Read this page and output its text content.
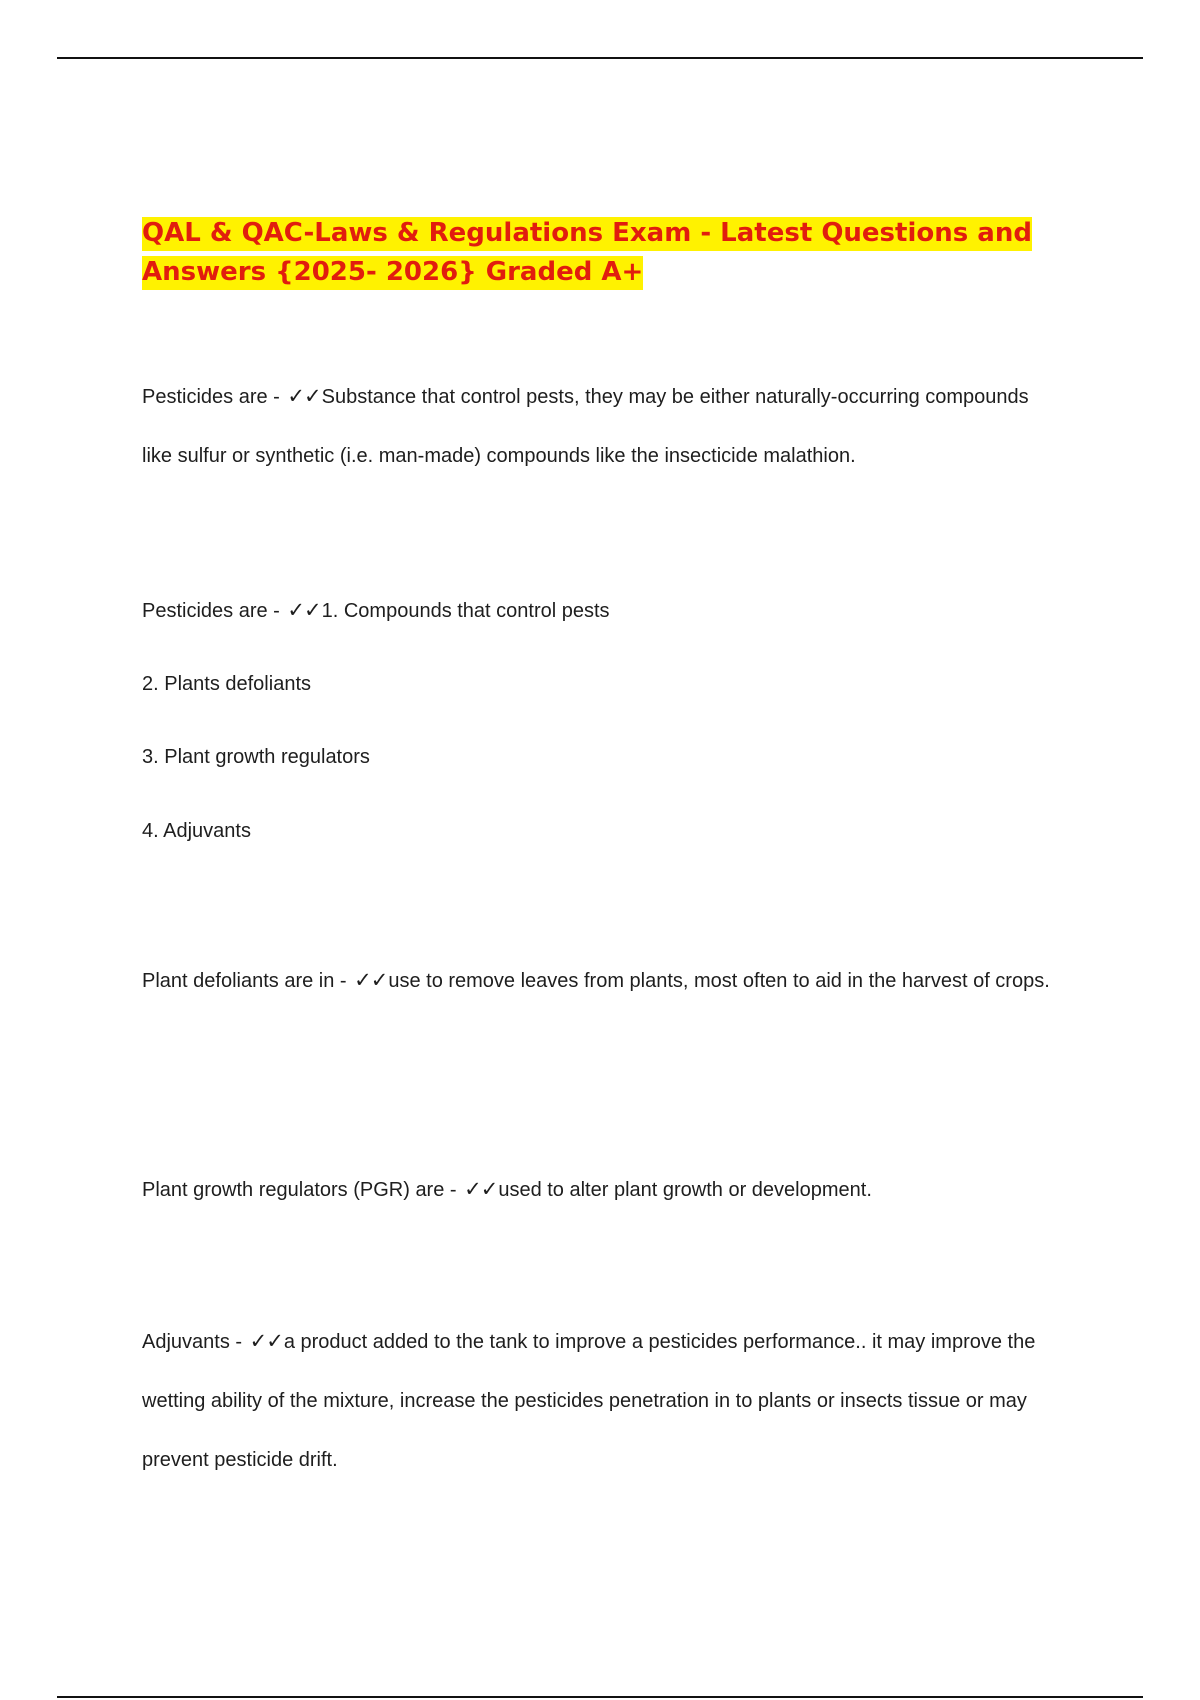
QAL & QAC-Laws & Regulations Exam - Latest Questions and Answers {2025- 2026} Graded A+

Pesticides are - ✓✓Substance that control pests, they may be either naturally-occurring compounds like sulfur or synthetic (i.e. man-made) compounds like the insecticide malathion.

Pesticides are - ✓✓1. Compounds that control pests

2. Plants defoliants

3. Plant growth regulators

4. Adjuvants

Plant defoliants are in - ✓✓use to remove leaves from plants, most often to aid in the harvest of crops.

Plant growth regulators (PGR) are - ✓✓used to alter plant growth or development.

Adjuvants - ✓✓a product added to the tank to improve a pesticides performance.. it may improve the wetting ability of the mixture, increase the pesticides penetration in to plants or insects tissue or may prevent pesticide drift.
